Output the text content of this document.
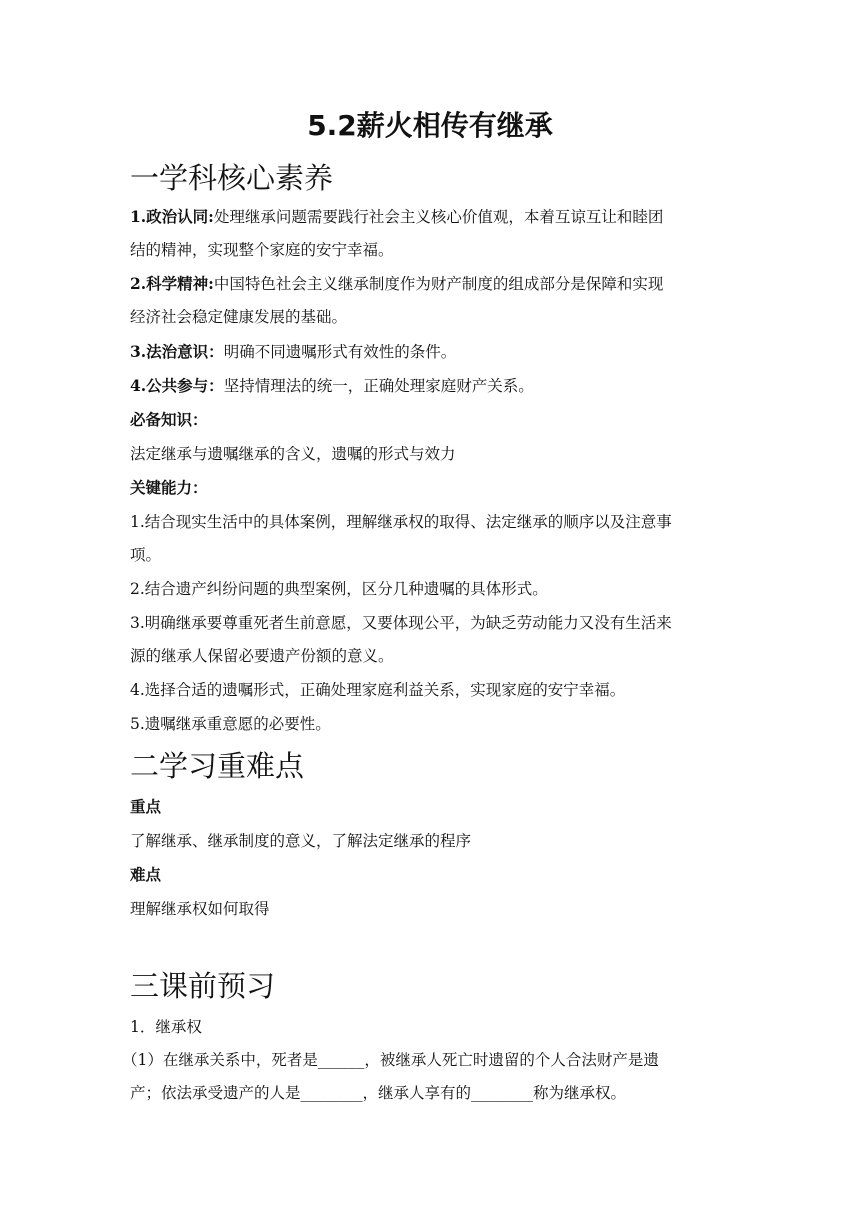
5.2薪火相传有继承
一学科核心素养
1.政治认同:处理继承问题需要践行社会主义核心价值观，本着互谅互让和睦团
结的精神，实现整个家庭的安宁幸福。
2.科学精神:中国特色社会主义继承制度作为财产制度的组成部分是保障和实现
经济社会稳定健康发展的基础。
3.法治意识：明确不同遗嘱形式有效性的条件。
4.公共参与：坚持情理法的统一，正确处理家庭财产关系。
必备知识：
法定继承与遗嘱继承的含义，遗嘱的形式与效力
关键能力：
1.结合现实生活中的具体案例，理解继承权的取得、法定继承的顺序以及注意事
项。
2.结合遗产纠纷问题的典型案例，区分几种遗嘱的具体形式。
3.明确继承要尊重死者生前意愿，又要体现公平，为缺乏劳动能力又没有生活来
源的继承人保留必要遗产份额的意义。
4.选择合适的遗嘱形式，正确处理家庭利益关系，实现家庭的安宁幸福。
5.遗嘱继承重意愿的必要性。
二学习重难点
重点
了解继承、继承制度的意义，了解法定继承的程序
难点
理解继承权如何取得
三课前预习
1．继承权
（1）在继承关系中，死者是______，被继承人死亡时遗留的个人合法财产是遗
产；依法承受遗产的人是________，继承人享有的________称为继承权。
